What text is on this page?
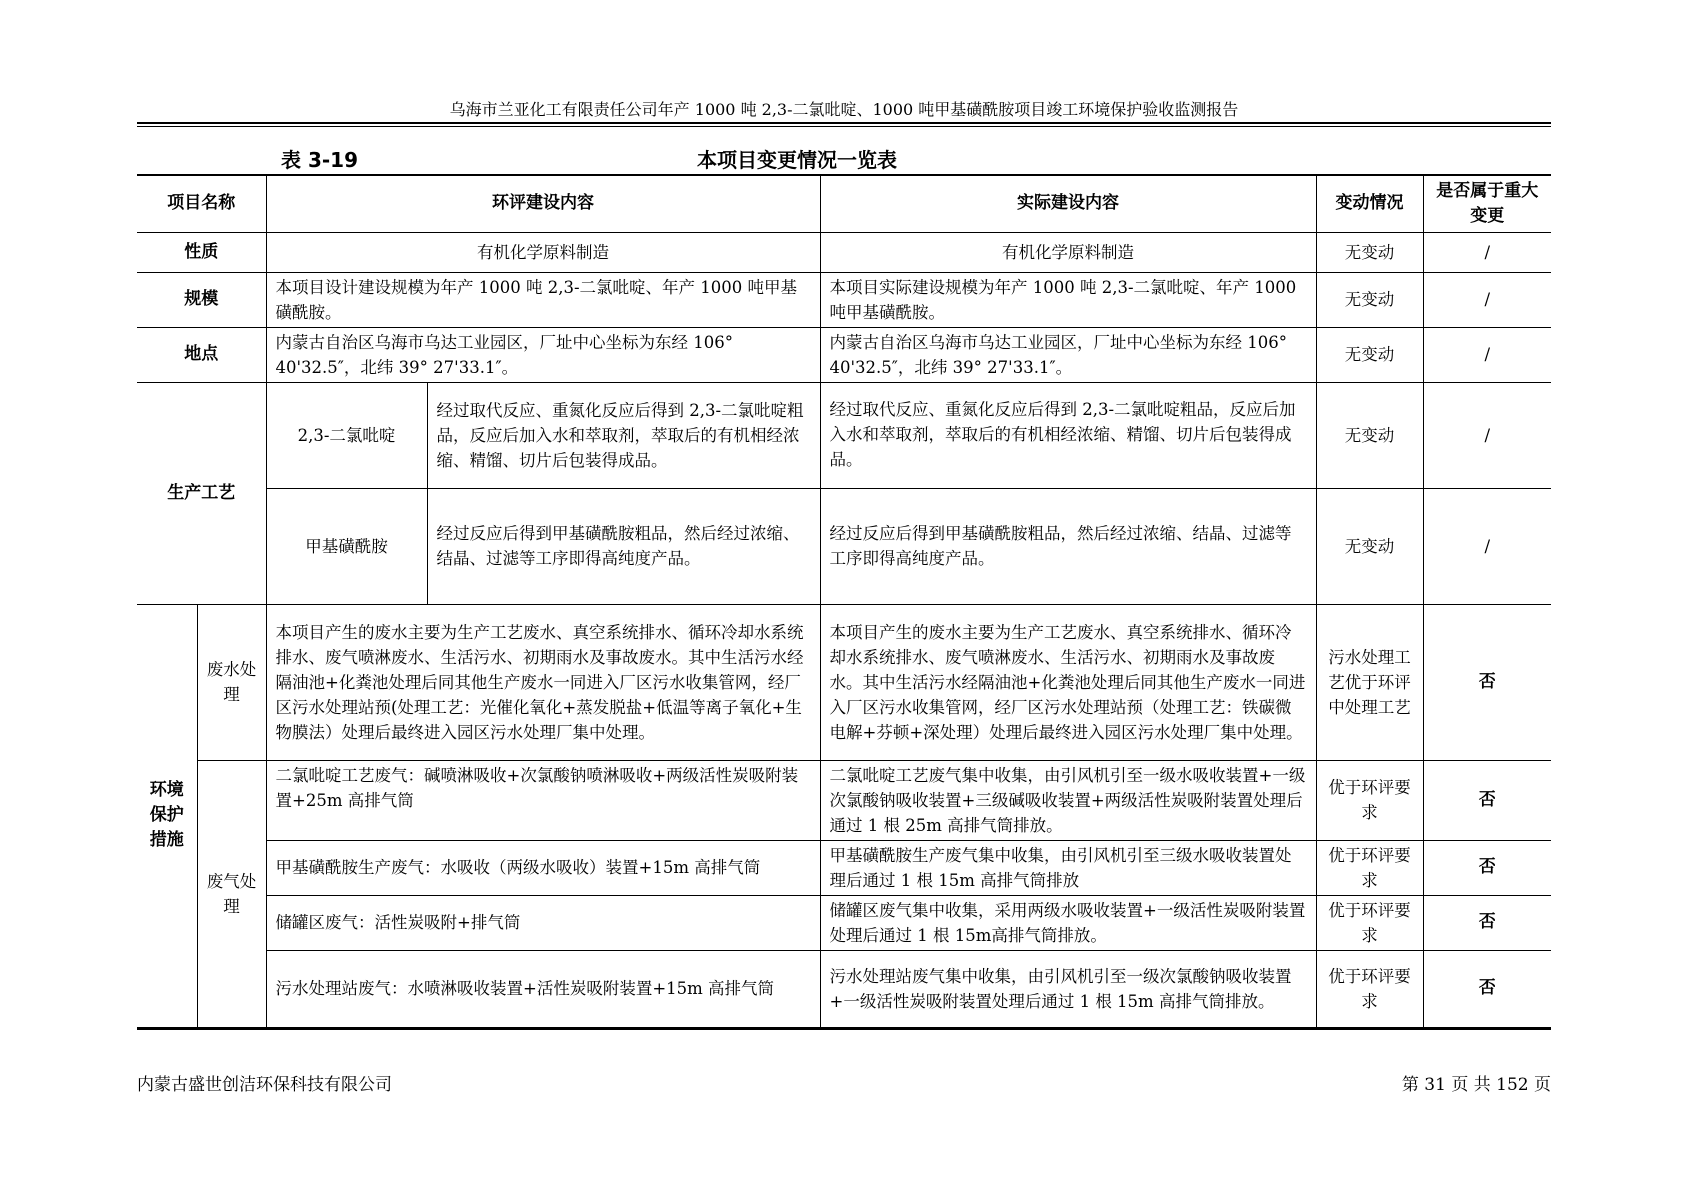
乌海市兰亚化工有限责任公司年产 1000 吨 2,3-二氯吡啶、1000 吨甲基磺酰胺项目竣工环境保护验收监测报告
表 3-19	本项目变更情况一览表
项目名称		环评建设内容		实际建设内容	变动情况	是否属于重大变更
性质		有机化学原料制造		有机化学原料制造	无变动	/
规模		本项目设计建设规模为年产 1000 吨 2,3-二氯吡啶、年产 1000 吨甲基磺酰胺。		本项目实际建设规模为年产 1000 吨 2,3-二氯吡啶、年产 1000 吨甲基磺酰胺。	无变动	/
地点		内蒙古自治区乌海市乌达工业园区，厂址中心坐标为东经 106° 40'32.5″，北纬 39° 27'33.1″。		内蒙古自治区乌海市乌达工业园区，厂址中心坐标为东经 106° 40'32.5″，北纬 39° 27'33.1″。	无变动	/
生产工艺		2,3-二氯吡啶	经过取代反应、重氮化反应后得到 2,3-二氯吡啶粗品，反应后加入水和萃取剂，萃取后的有机相经浓缩、精馏、切片后包装得成品。	经过取代反应、重氮化反应后得到 2,3-二氯吡啶粗品，反应后加入水和萃取剂，萃取后的有机相经浓缩、精馏、切片后包装得成品。	无变动	/
		甲基磺酰胺	经过反应后得到甲基磺酰胺粗品，然后经过浓缩、结晶、过滤等工序即得高纯度产品。	经过反应后得到甲基磺酰胺粗品，然后经过浓缩、结晶、过滤等工序即得高纯度产品。	无变动	/
环境保护措施	废水处理	本项目产生的废水主要为生产工艺废水、真空系统排水、循环冷却水系统排水、废气喷淋废水、生活污水、初期雨水及事故废水。其中生活污水经隔油池+化粪池处理后同其他生产废水一同进入厂区污水收集管网，经厂区污水处理站预(处理工艺：光催化氧化+蒸发脱盐+低温等离子氧化+生物膜法）处理后最终进入园区污水处理厂集中处理。		本项目产生的废水主要为生产工艺废水、真空系统排水、循环冷却水系统排水、废气喷淋废水、生活污水、初期雨水及事故废水。其中生活污水经隔油池+化粪池处理后同其他生产废水一同进入厂区污水收集管网，经厂区污水处理站预（处理工艺：铁碳微电解+芬顿+深处理）处理后最终进入园区污水处理厂集中处理。	污水处理工艺优于环评中处理工艺	否
	废气处理	二氯吡啶工艺废气：碱喷淋吸收+次氯酸钠喷淋吸收+两级活性炭吸附装置+25m 高排气筒		二氯吡啶工艺废气集中收集，由引风机引至一级水吸收装置+一级次氯酸钠吸收装置+三级碱吸收装置+两级活性炭吸附装置处理后通过 1 根 25m 高排气筒排放。	优于环评要求	否
		甲基磺酰胺生产废气：水吸收（两级水吸收）装置+15m 高排气筒		甲基磺酰胺生产废气集中收集，由引风机引至三级水吸收装置处理后通过 1 根 15m 高排气筒排放	优于环评要求	否
		储罐区废气：活性炭吸附+排气筒		储罐区废气集中收集，采用两级水吸收装置+一级活性炭吸附装置处理后通过 1 根 15m高排气筒排放。	优于环评要求	否
		污水处理站废气：水喷淋吸收装置+活性炭吸附装置+15m 高排气筒		污水处理站废气集中收集，由引风机引至一级次氯酸钠吸收装置+一级活性炭吸附装置处理后通过 1 根 15m 高排气筒排放。	优于环评要求	否
内蒙古盛世创洁环保科技有限公司	第 31 页 共 152 页
